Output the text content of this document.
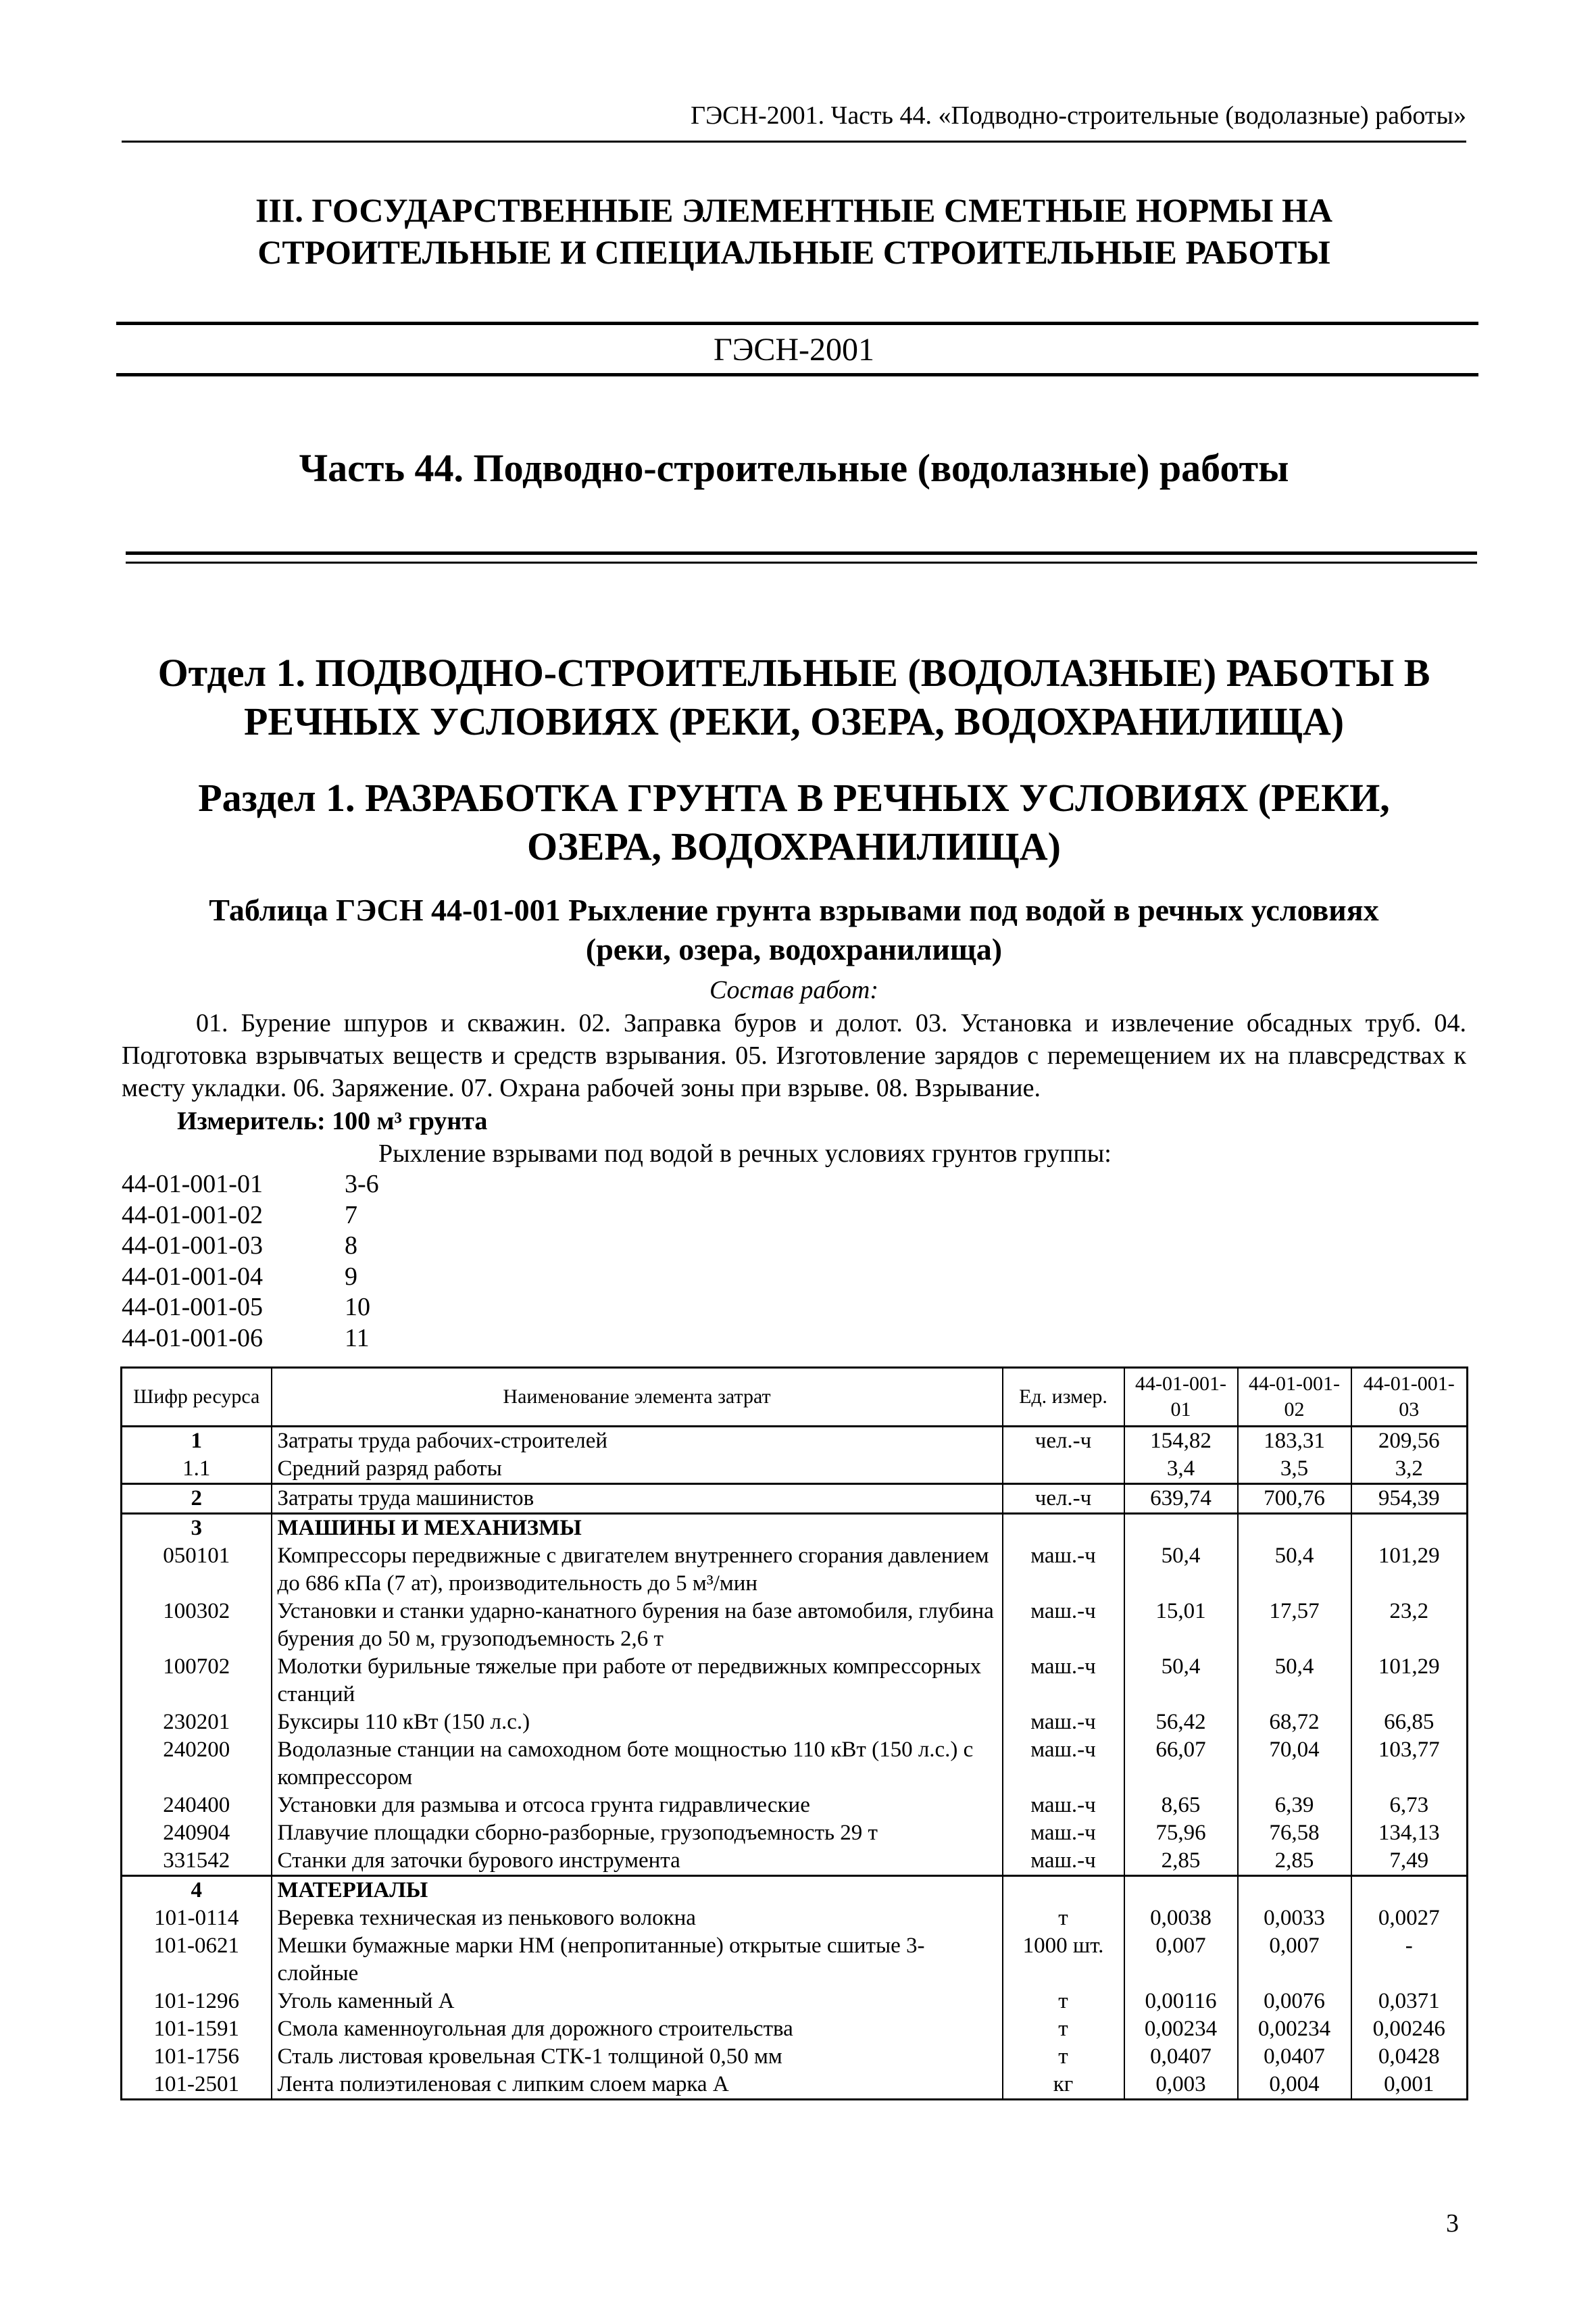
ГЭСН-2001. Часть 44. «Подводно-строительные (водолазные) работы»
III. ГОСУДАРСТВЕННЫЕ ЭЛЕМЕНТНЫЕ СМЕТНЫЕ НОРМЫ НА
СТРОИТЕЛЬНЫЕ И СПЕЦИАЛЬНЫЕ СТРОИТЕЛЬНЫЕ РАБОТЫ
ГЭСН-2001
Часть 44. Подводно-строительные (водолазные) работы
Отдел 1. ПОДВОДНО-СТРОИТЕЛЬНЫЕ (ВОДОЛАЗНЫЕ) РАБОТЫ В
РЕЧНЫХ УСЛОВИЯХ (РЕКИ, ОЗЕРА, ВОДОХРАНИЛИЩА)
Раздел 1. РАЗРАБОТКА ГРУНТА В РЕЧНЫХ УСЛОВИЯХ (РЕКИ,
ОЗЕРА, ВОДОХРАНИЛИЩА)
Таблица ГЭСН 44-01-001 Рыхление грунта взрывами под водой в речных условиях
(реки, озера, водохранилища)
Состав работ:
01. Бурение шпуров и скважин. 02. Заправка буров и долот. 03. Установка и извлечение обсадных труб. 04. Подготовка взрывчатых веществ и средств взрывания. 05. Изготовление зарядов с перемещением их на плавсредствах к месту укладки. 06. Заряжение. 07. Охрана рабочей зоны при взрыве. 08. Взрывание.
Измеритель: 100 м³ грунта
Рыхление взрывами под водой в речных условиях грунтов группы:
44-01-001-01	3-6
44-01-001-02	7
44-01-001-03	8
44-01-001-04	9
44-01-001-05	10
44-01-001-06	11
Шифр ресурса	Наименование элемента затрат	Ед. измер.	44-01-001-01	44-01-001-02	44-01-001-03
1	Затраты труда рабочих-строителей	чел.-ч	154,82	183,31	209,56
1.1	Средний разряд работы		3,4	3,5	3,2
2	Затраты труда машинистов	чел.-ч	639,74	700,76	954,39
3	МАШИНЫ И МЕХАНИЗМЫ				
050101	Компрессоры передвижные с двигателем внутреннего сгорания давлением до 686 кПа (7 ат), производительность до 5 м³/мин	маш.-ч	50,4	50,4	101,29
100302	Установки и станки ударно-канатного бурения на базе автомобиля, глубина бурения до 50 м, грузоподъемность 2,6 т	маш.-ч	15,01	17,57	23,2
100702	Молотки бурильные тяжелые при работе от передвижных компрессорных станций	маш.-ч	50,4	50,4	101,29
230201	Буксиры 110 кВт (150 л.с.)	маш.-ч	56,42	68,72	66,85
240200	Водолазные станции на самоходном боте мощностью 110 кВт (150 л.с.) с компрессором	маш.-ч	66,07	70,04	103,77
240400	Установки для размыва и отсоса грунта гидравлические	маш.-ч	8,65	6,39	6,73
240904	Плавучие площадки сборно-разборные, грузоподъемность 29 т	маш.-ч	75,96	76,58	134,13
331542	Станки для заточки бурового инструмента	маш.-ч	2,85	2,85	7,49
4	МАТЕРИАЛЫ				
101-0114	Веревка техническая из пенькового волокна	т	0,0038	0,0033	0,0027
101-0621	Мешки бумажные марки НМ (непропитанные) открытые сшитые 3-слойные	1000 шт.	0,007	0,007	-
101-1296	Уголь каменный А	т	0,00116	0,0076	0,0371
101-1591	Смола каменноугольная для дорожного строительства	т	0,00234	0,00234	0,00246
101-1756	Сталь листовая кровельная СТК-1 толщиной 0,50 мм	т	0,0407	0,0407	0,0428
101-2501	Лента полиэтиленовая с липким слоем марка А	кг	0,003	0,004	0,001
3
